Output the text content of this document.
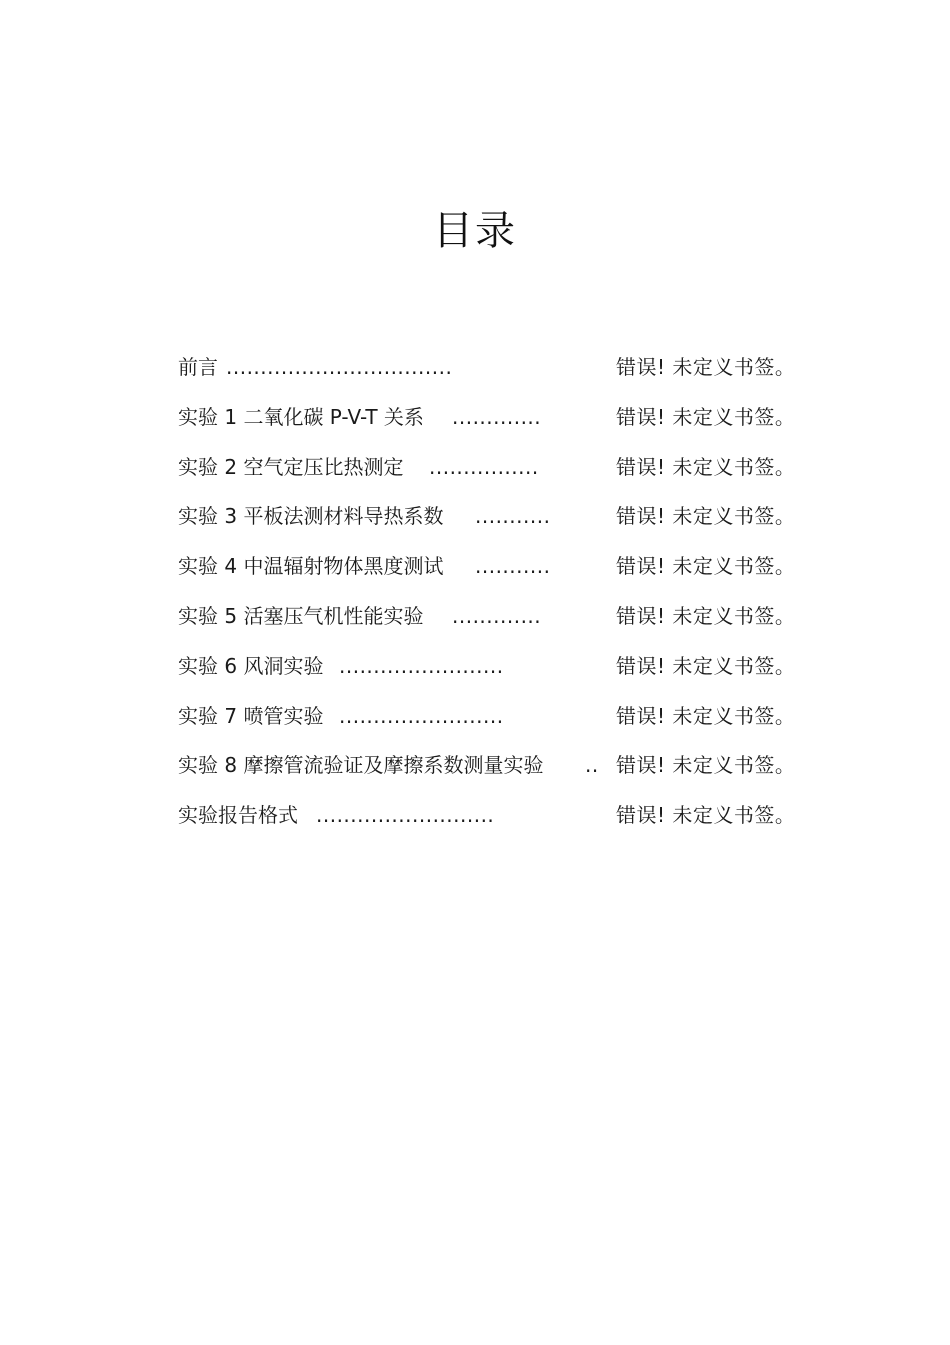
目录
前言 .................................	错误! 未定义书签。
实验 1 二氧化碳 P-V-T 关系 .............	错误! 未定义书签。
实验 2 空气定压比热测定 ................	错误! 未定义书签。
实验 3 平板法测材料导热系数 ...........	错误! 未定义书签。
实验 4 中温辐射物体黑度测试 ...........	错误! 未定义书签。
实验 5 活塞压气机性能实验 .............	错误! 未定义书签。
实验 6 风洞实验 ........................	错误! 未定义书签。
实验 7 喷管实验 ........................	错误! 未定义书签。
实验 8 摩擦管流验证及摩擦系数测量实验 .. 错误! 未定义书签。
实验报告格式 ..........................	错误! 未定义书签。
